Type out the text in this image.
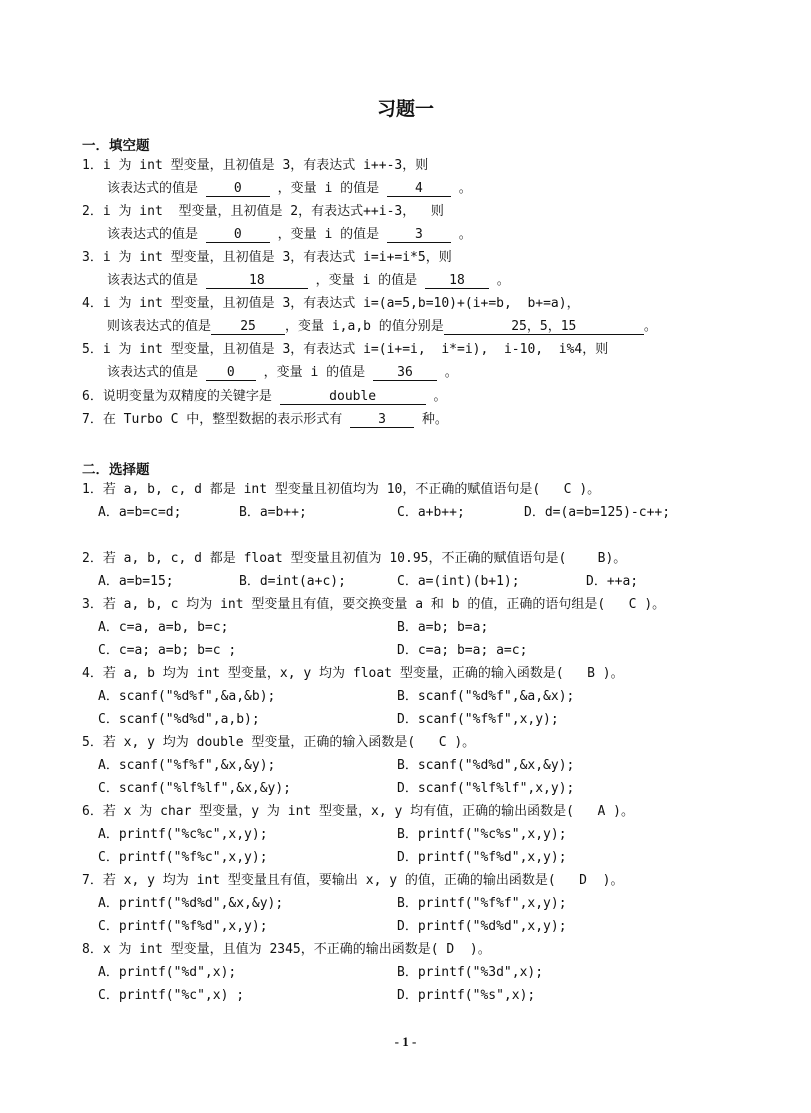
习题一
一．填空题
1．i 为 int 型变量，且初值是 3，有表达式 i++-3，则
该表达式的值是 0 ，变量 i 的值是 4 。
2．i 为 int  型变量，且初值是 2，有表达式++i-3，  则
该表达式的值是 0 ，变量 i 的值是 3 。
3．i 为 int 型变量，且初值是 3，有表达式 i=i+=i*5，则
该表达式的值是	18	，变量 i 的值是 18 。
4．i 为 int 型变量，且初值是 3，有表达式 i=(a=5,b=10)+(i+=b,  b+=a)，
则该表达式的值是 25 ，变量 i,a,b 的值分别是	25，5，15	。
5．i 为 int 型变量，且初值是 3，有表达式 i=(i+=i,  i*=i),  i-10,  i%4，则
该表达式的值是 0 ，变量 i 的值是 36 。
6．说明变量为双精度的关键字是	double	。
7．在 Turbo C 中，整型数据的表示形式有 3 种。
二．选择题
1．若 a, b, c, d 都是 int 型变量且初值均为 10，不正确的赋值语句是(   C )。
A．a=b=c=d;	B．a=b++;	C．a+b++;	D．d=(a=b=125)-c++;
2．若 a, b, c, d 都是 float 型变量且初值为 10.95，不正确的赋值语句是(    B)。
A．a=b=15;	B．d=int(a+c);	C．a=(int)(b+1);	D．++a;
3．若 a, b, c 均为 int 型变量且有值，要交换变量 a 和 b 的值，正确的语句组是(   C )。
A．c=a, a=b, b=c;	B．a=b; b=a;
C．c=a; a=b; b=c ;	D．c=a; b=a; a=c;
4．若 a, b 均为 int 型变量，x, y 均为 float 型变量，正确的输入函数是(   B )。
A．scanf("%d%f",&a,&b);	B．scanf("%d%f",&a,&x);
C．scanf("%d%d",a,b);	D．scanf("%f%f",x,y);
5．若 x, y 均为 double 型变量，正确的输入函数是(   C )。
A．scanf("%f%f",&x,&y);	B．scanf("%d%d",&x,&y);
C．scanf("%lf%lf",&x,&y);	D．scanf("%lf%lf",x,y);
6．若 x 为 char 型变量，y 为 int 型变量，x, y 均有值，正确的输出函数是(   A )。
A．printf("%c%c",x,y);	B．printf("%c%s",x,y);
C．printf("%f%c",x,y);	D．printf("%f%d",x,y);
7．若 x, y 均为 int 型变量且有值，要输出 x, y 的值，正确的输出函数是(   D  )。
A．printf("%d%d",&x,&y);	B．printf("%f%f",x,y);
C．printf("%f%d",x,y);	D．printf("%d%d",x,y);
8．x 为 int 型变量，且值为 2345，不正确的输出函数是( D  )。
A．printf("%d",x);	B．printf("%3d",x);
C．printf("%c",x) ;	D．printf("%s",x);
- 1 -
